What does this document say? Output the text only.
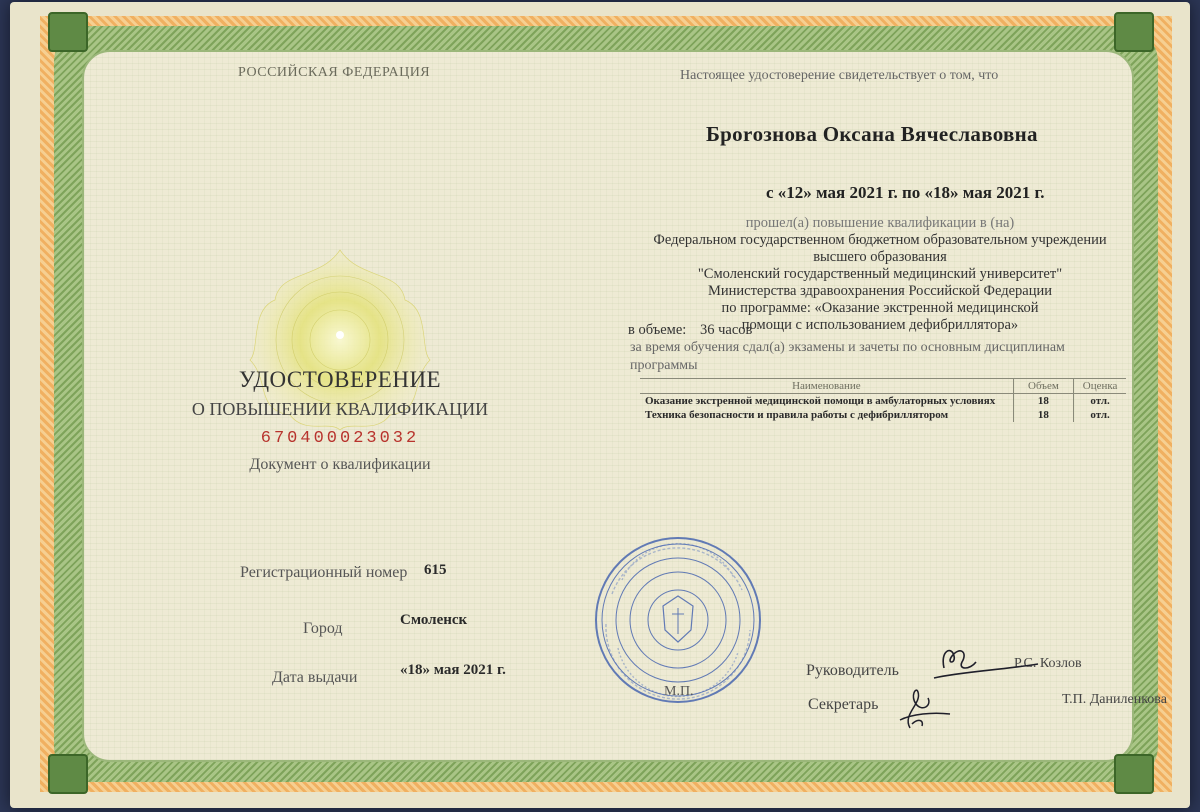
РОССИЙСКАЯ ФЕДЕРАЦИЯ
УДОСТОВЕРЕНИЕ
О ПОВЫШЕНИИ КВАЛИФИКАЦИИ
670400023032
Документ о квалификации
Регистрационный номер 615
Город	Смоленск
Дата выдачи	«18» мая 2021 г.
Настоящее удостоверение свидетельствует о том, что
Бporозновa Оксана Вячеславовна
с «12» мая 2021 г. по «18» мая 2021 г.
прошел(а) повышение квалификации в (на)
Федеральном государственном бюджетном образовательном учреждении
высшего образования
"Смоленский государственный медицинский университет"
Министерства здравоохранения Российской Федерации
по программе: «Оказание экстренной медицинской
помощи с использованием дефибриллятора»
в объеме: 36 часов
за время обучения сдал(а) экзамены и зачеты по основным дисциплинам
программы
Наименование	Объем	Оценка
Оказание экстренной медицинской помощи в амбулаторных условиях	18	отл.
Техника безопасности и правила работы с дефибриллятором	18	отл.
М.П.
Руководитель	Р.С. Козлов
Секретарь	Т.П. Даниленкова
